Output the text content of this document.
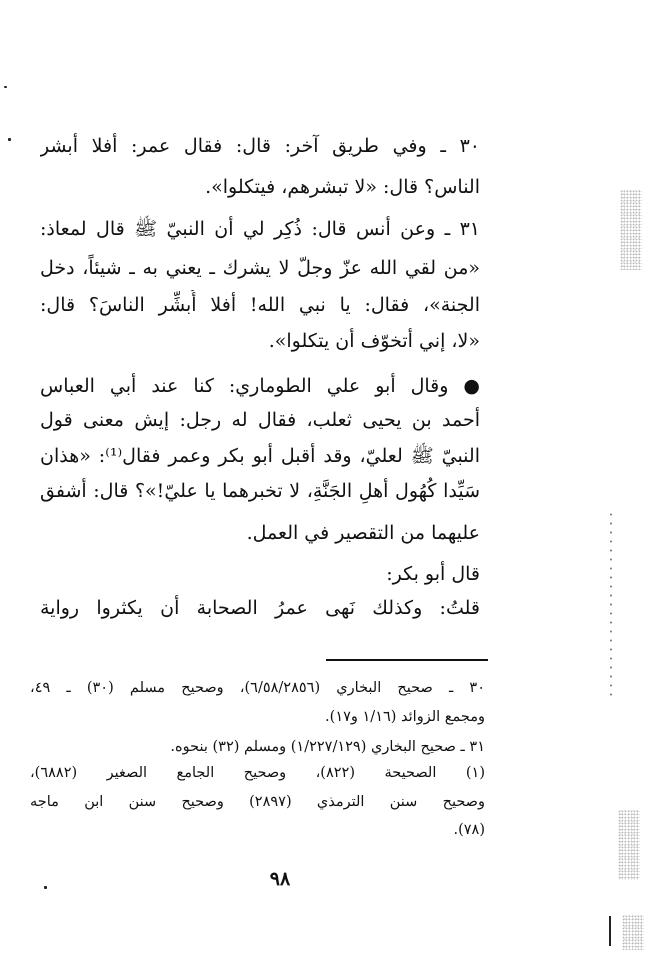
٣٠ ـ وفي طريق آخر: قال: فقال عمر: أفلا أبشر
الناس؟ قال: «لا تبشرهم، فيتكلوا».
٣١ ـ وعن أنس قال: ذُكِر لي أن النبيّ ﷺ قال لمعاذ:
«من لقي الله عزّ وجلّ لا يشرك ـ يعني به ـ شيئاً، دخل
الجنة»، فقال: يا نبي الله! أفلا أُبشِّر الناسَ؟ قال:
«لا، إني أتخوّف أن يتكلوا».
● وقال أبو علي الطوماري: كنا عند أبي العباس
أحمد بن يحيى ثعلب، فقال له رجل: إيش معنى قول
النبيّ ﷺ لعليّ، وقد أقبل أبو بكر وعمر فقال⁽¹⁾: «هذان
سَيِّدا كُهُول أهلِ الجَنَّةِ، لا تخبرهما يا عليّ!»؟ قال: أشفق
عليهما من التقصير في العمل.
قال أبو بكر:
قلتُ: وكذلك نَهى عمرُ الصحابة أن يكثروا رواية
٣٠ ـ صحيح البخاري (٦/٥٨/٢٨٥٦)، وصحيح مسلم (٣٠) ـ ٤٩،
ومجمع الزوائد (١/١٦ و١٧).
٣١ ـ صحيح البخاري (١/٢٢٧/١٢٩) ومسلم (٣٢) بنحوه.
(١) الصحيحة (٨٢٢)، وصحيح الجامع الصغير (٦٨٨٢)،
وصحيح سنن الترمذي (٢٨٩٧) وصحيح سنن ابن ماجه
(٧٨).
٩٨
